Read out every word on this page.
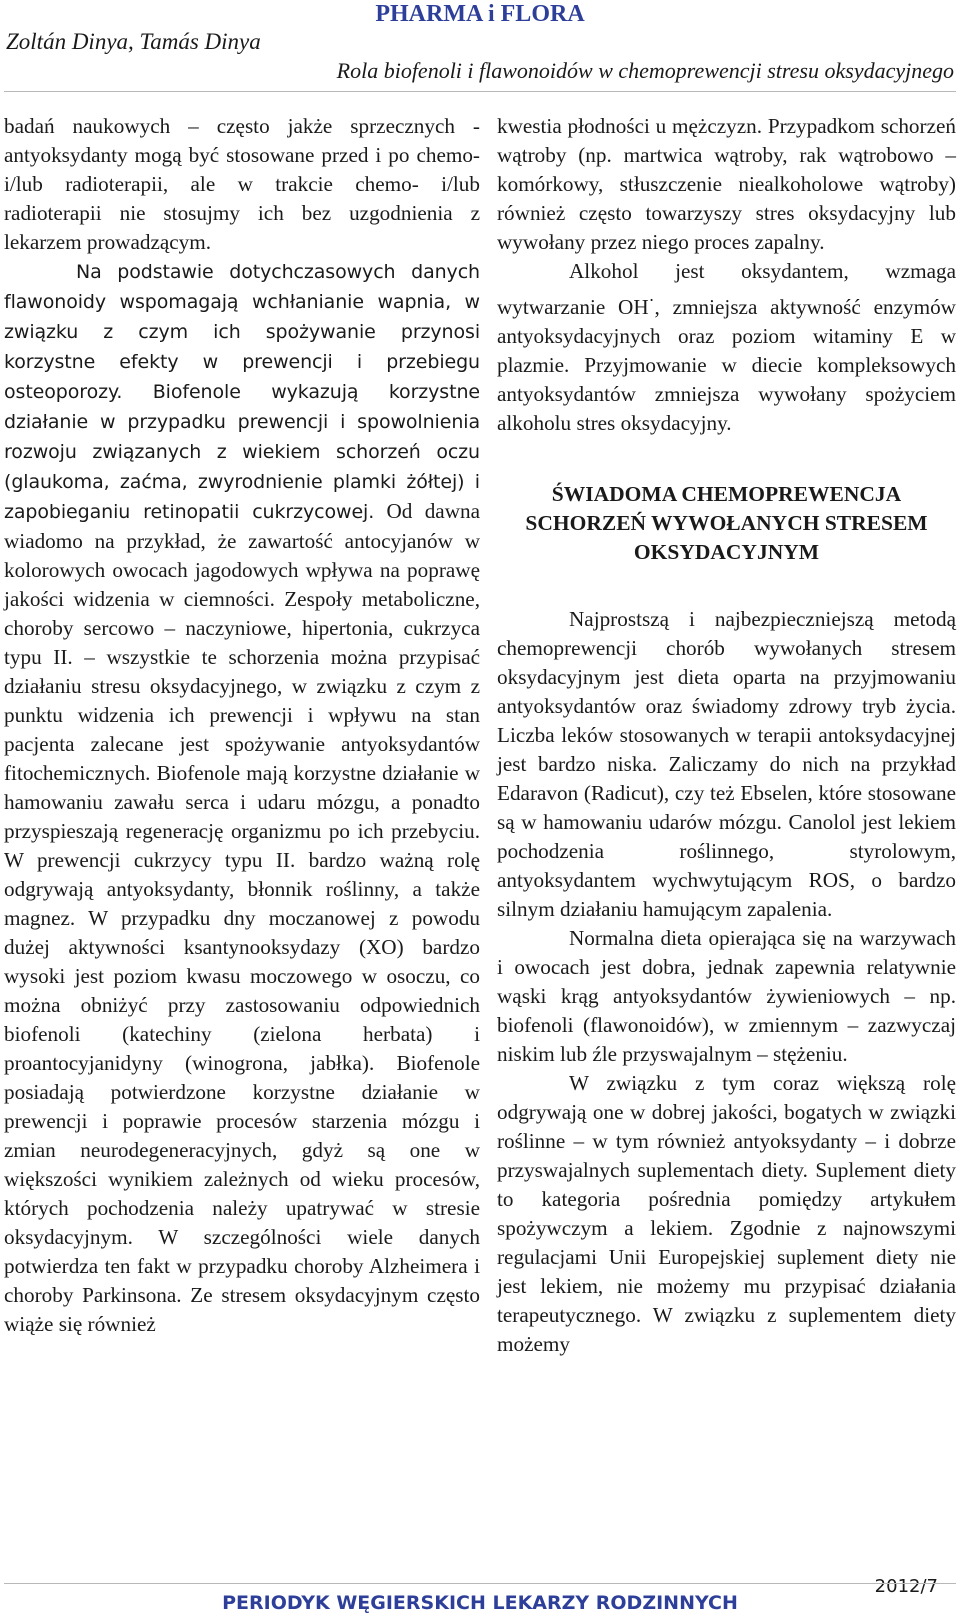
PHARMA i FLORA
Zoltán Dinya, Tamás Dinya
Rola biofenoli i flawonoidów w chemoprewencji stresu oksydacyjnego

badań naukowych – często jakże sprzecznych - antyoksydanty mogą być stosowane przed i po chemo- i/lub radioterapii, ale w trakcie chemo- i/lub radioterapii nie stosujmy ich bez uzgodnienia z lekarzem prowadzącym.

Na podstawie dotychczasowych danych flawonoidy wspomagają wchłanianie wapnia, w związku z czym ich spożywanie przynosi korzystne efekty w prewencji i przebiegu osteoporozy. Biofenole wykazują korzystne działanie w przypadku prewencji i spowolnienia rozwoju związanych z wiekiem schorzeń oczu (glaukoma, zaćma, zwyrodnienie plamki żółtej) i zapobieganiu retinopatii cukrzycowej. Od dawna wiadomo na przykład, że zawartość antocyjanów w kolorowych owocach jagodowych wpływa na poprawę jakości widzenia w ciemności. Zespoły metaboliczne, choroby sercowo – naczyniowe, hipertonia, cukrzyca typu II. – wszystkie te schorzenia można przypisać działaniu stresu oksydacyjnego, w związku z czym z punktu widzenia ich prewencji i wpływu na stan pacjenta zalecane jest spożywanie antyoksydantów fitochemicznych. Biofenole mają korzystne działanie w hamowaniu zawału serca i udaru mózgu, a ponadto przyspieszają regenerację organizmu po ich przebyciu. W prewencji cukrzycy typu II. bardzo ważną rolę odgrywają antyoksydanty, błonnik roślinny, a także magnez. W przypadku dny moczanowej z powodu dużej aktywności ksantynooksydazy (XO) bardzo wysoki jest poziom kwasu moczowego w osoczu, co można obniżyć przy zastosowaniu odpowiednich biofenoli (katechiny (zielona herbata) i proantocyjanidyny (winogrona, jabłka). Biofenole posiadają potwierdzone korzystne działanie w prewencji i poprawie procesów starzenia mózgu i zmian neurodegeneracyjnych, gdyż są one w większości wynikiem zależnych od wieku procesów, których pochodzenia należy upatrywać w stresie oksydacyjnym. W szczególności wiele danych potwierdza ten fakt w przypadku choroby Alzheimera i choroby Parkinsona. Ze stresem oksydacyjnym często wiąże się również

kwestia płodności u mężczyzn. Przypadkom schorzeń wątroby (np. martwica wątroby, rak wątrobowo – komórkowy, stłuszczenie niealkoholowe wątroby) również często towarzyszy stres oksydacyjny lub wywołany przez niego proces zapalny.

Alkohol jest oksydantem, wzmaga wytwarzanie OH·, zmniejsza aktywność enzymów antyoksydacyjnych oraz poziom witaminy E w plazmie. Przyjmowanie w diecie kompleksowych antyoksydantów zmniejsza wywołany spożyciem alkoholu stres oksydacyjny.

ŚWIADOMA CHEMOPREWENCJA SCHORZEŃ WYWOŁANYCH STRESEM OKSYDACYJNYM

Najprostszą i najbezpieczniejszą metodą chemoprewencji chorób wywołanych stresem oksydacyjnym jest dieta oparta na przyjmowaniu antyoksydantów oraz świadomy zdrowy tryb życia. Liczba leków stosowanych w terapii antoksydacyjnej jest bardzo niska. Zaliczamy do nich na przykład Edaravon (Radicut), czy też Ebselen, które stosowane są w hamowaniu udarów mózgu. Canolol jest lekiem pochodzenia roślinnego, styrolowym, antyoksydantem wychwytującym ROS, o bardzo silnym działaniu hamującym zapalenia.

Normalna dieta opierająca się na warzywach i owocach jest dobra, jednak zapewnia relatywnie wąski krąg antyoksydantów żywieniowych – np. biofenoli (flawonoidów), w zmiennym – zazwyczaj niskim lub źle przyswajalnym – stężeniu.

W związku z tym coraz większą rolę odgrywają one w dobrej jakości, bogatych w związki roślinne – w tym również antyoksydanty – i dobrze przyswajalnych suplementach diety. Suplement diety to kategoria pośrednia pomiędzy artykułem spożywczym a lekiem. Zgodnie z najnowszymi regulacjami Unii Europejskiej suplement diety nie jest lekiem, nie możemy mu przypisać działania terapeutycznego. W związku z suplementem diety możemy

2012/7
PERIODYK WĘGIERSKICH LEKARZY RODZINNYCH
